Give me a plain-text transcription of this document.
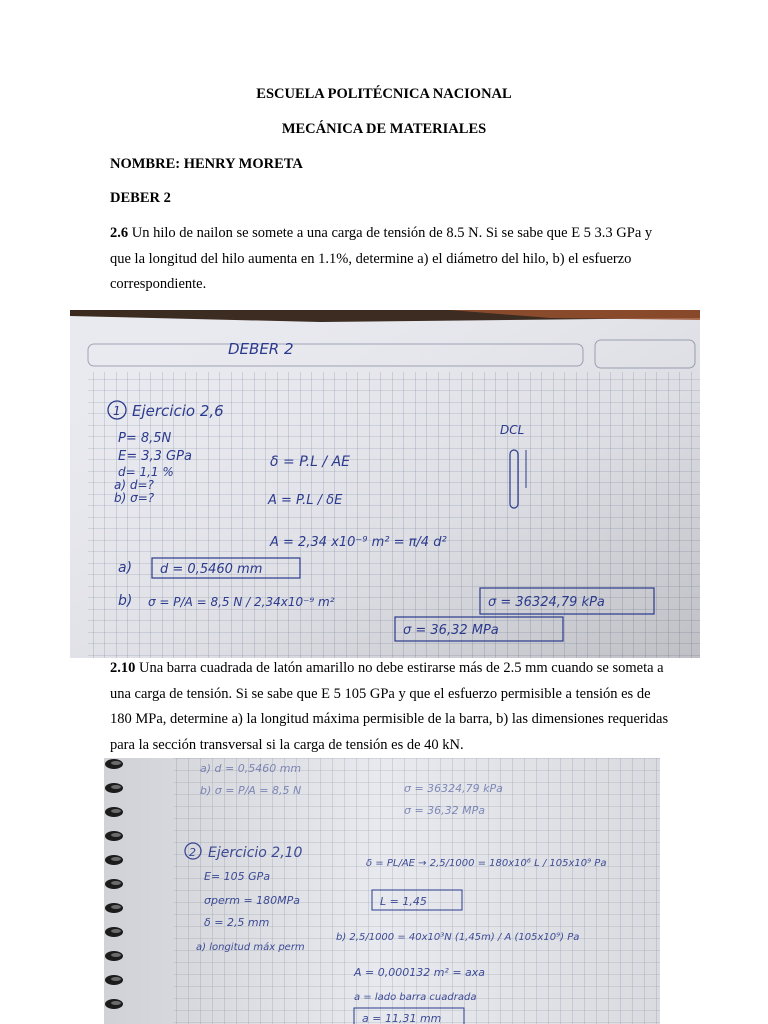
ESCUELA POLITÉCNICA NACIONAL
MECÁNICA DE MATERIALES
NOMBRE: HENRY MORETA
DEBER 2
2.6 Un hilo de nailon se somete a una carga de tensión de 8.5 N. Si se sabe que E 5 3.3 GPa y que la longitud del hilo aumenta en 1.1%, determine a) el diámetro del hilo, b) el esfuerzo correspondiente.
DEBER 2
1 Ejercicio 2,6
P= 8,5N
E= 3,3 GPa
d= 1,1 %
a) d=?
b) σ=?
δ = P.L / AE
DCL
A = P.L / δE
A = 2,34 x10⁻⁹ m² = π/4 d²
a) d = 0,5460 mm
b) σ = P/A = 8,5 N / 2,34x10⁻⁹ m²	σ = 36324,79 kPa
σ = 36,32 MPa
2.10 Una barra cuadrada de latón amarillo no debe estirarse más de 2.5 mm cuando se someta a una carga de tensión. Si se sabe que E 5 105 GPa y que el esfuerzo permisible a tensión es de 180 MPa, determine a) la longitud máxima permisible de la barra, b) las dimensiones requeridas para la sección transversal si la carga de tensión es de 40 kN.
a) d = 0,5460 mm
b) σ = P/A = 8,5 N	σ = 36324,79 kPa
σ = 36,32 MPa
2 Ejercicio 2,10
E= 105 GPa
σperm = 180MPa
δ = 2,5 mm
a) longitud máx perm
δ = PL/AE → 2,5/1000 = 180x10⁶ L / 105x10⁹ Pa
L = 1,45
b) 2,5/1000 = 40x10³N (1,45m) / A (105x10⁹) Pa
A = 0,000132 m² = axa
a = lado barra cuadrada
a = 11,31 mm
